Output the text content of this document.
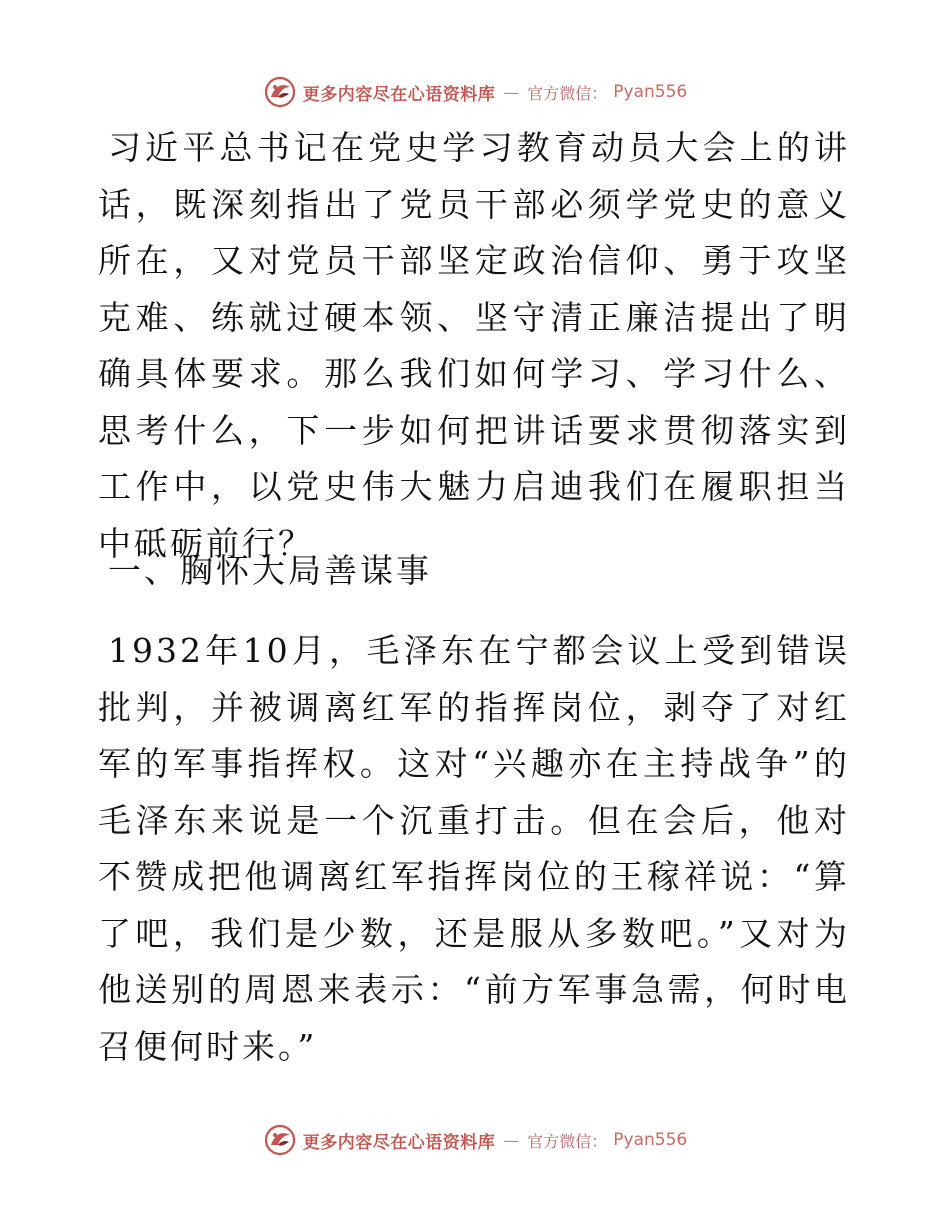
更多内容尽在心语资料库 — 官方微信： Pyan556

习近平总书记在党史学习教育动员大会上的讲话，既深刻指出了党员干部必须学党史的意义所在，又对党员干部坚定政治信仰、勇于攻坚克难、练就过硬本领、坚守清正廉洁提出了明确具体要求。那么我们如何学习、学习什么、思考什么，下一步如何把讲话要求贯彻落实到工作中，以党史伟大魅力启迪我们在履职担当中砥砺前行？

一、胸怀大局善谋事

1932年10月，毛泽东在宁都会议上受到错误批判，并被调离红军的指挥岗位，剥夺了对红军的军事指挥权。这对“兴趣亦在主持战争”的毛泽东来说是一个沉重打击。但在会后，他对不赞成把他调离红军指挥岗位的王稼祥说：“算了吧，我们是少数，还是服从多数吧。”又对为他送别的周恩来表示：“前方军事急需，何时电召便何时来。”

更多内容尽在心语资料库 — 官方微信： Pyan556
